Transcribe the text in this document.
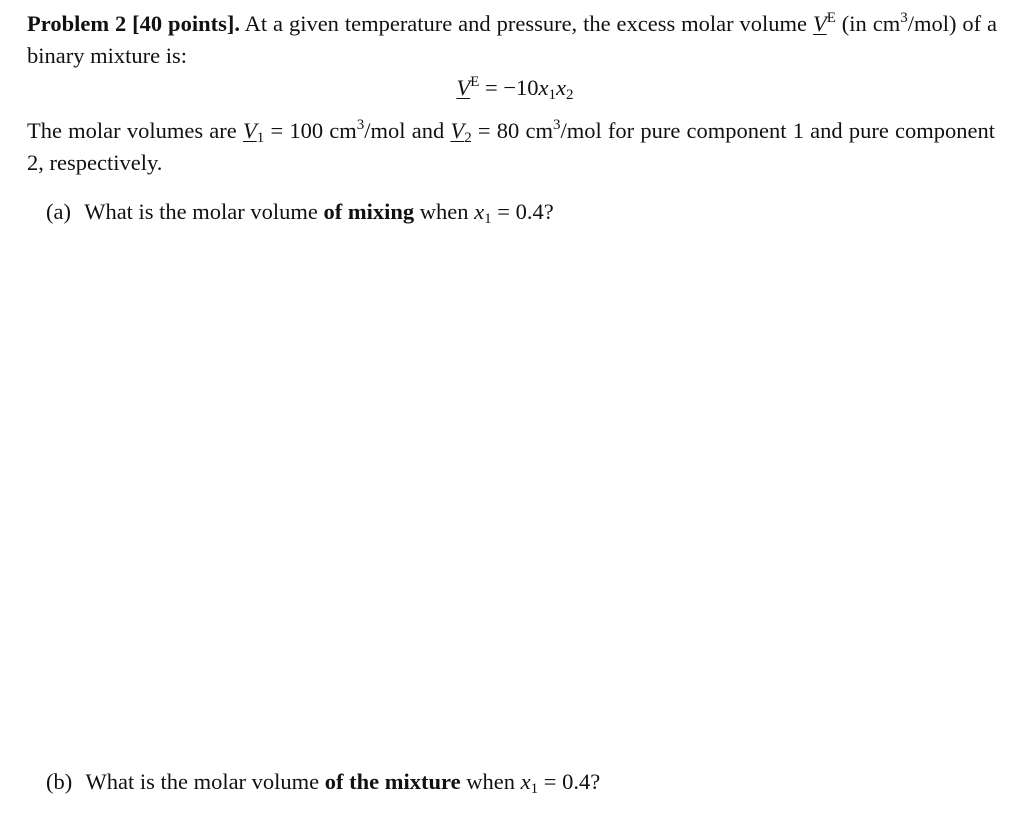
Problem 2 [40 points]. At a given temperature and pressure, the excess molar volume $V^E$ (in $cm^3/mol$) of a binary mixture is:
$V^E = -10x_1x_2$
The molar volumes are $V_1 = 100$ $cm^3$/mol and $V_2 = 80$ $cm^3$/mol for pure component 1 and pure component 2, respectively.
(a) What is the molar volume of mixing when $x_1 = 0.4$?
(b) What is the molar volume of the mixture when $x_1 = 0.4$?
